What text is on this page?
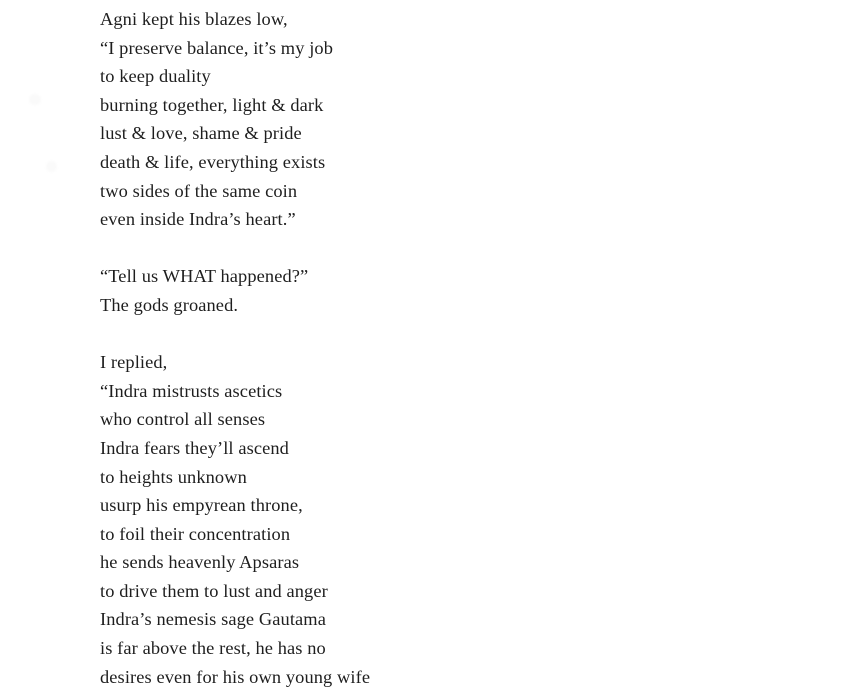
Agni kept his blazes low,
“I preserve balance, it’s my job
to keep duality
burning together, light & dark
lust & love, shame & pride
death & life, everything exists
two sides of the same coin
even inside Indra’s heart.”
“Tell us WHAT happened?”
The gods groaned.
I replied,
“Indra mistrusts ascetics
who control all senses
Indra fears they’ll ascend
to heights unknown
usurp his empyrean throne,
to foil their concentration
he sends heavenly Apsaras
to drive them to lust and anger
Indra’s nemesis sage Gautama
is far above the rest, he has no
desires even for his own young wife
